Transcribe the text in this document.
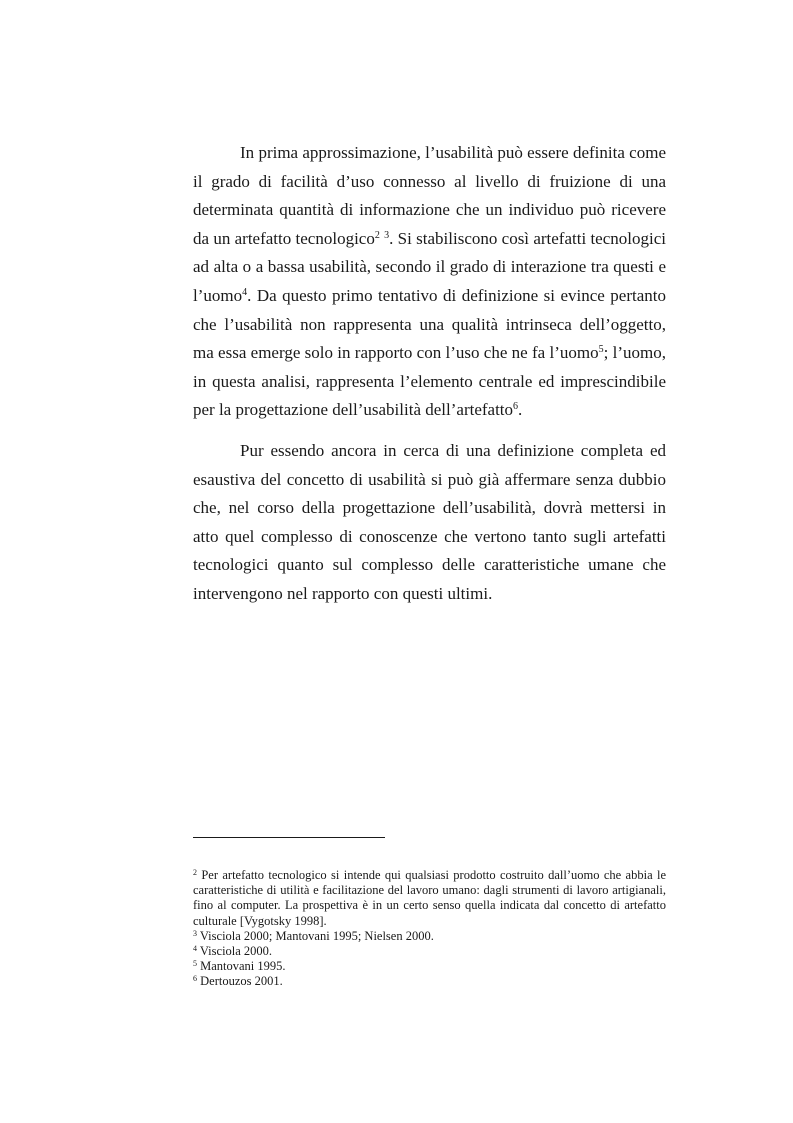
In prima approssimazione, l’usabilità può essere definita come il grado di facilità d’uso connesso al livello di fruizione di una determinata quantità di informazione che un individuo può ricevere da un artefatto tecnologico$^2$ $^3$. Si stabiliscono così artefatti tecnologici ad alta o a bassa usabilità, secondo il grado di interazione tra questi e l’uomo$^4$. Da questo primo tentativo di definizione si evince pertanto che l’usabilità non rappresenta una qualità intrinseca dell’oggetto, ma essa emerge solo in rapporto con l’uso che ne fa l’uomo$^5$; l’uomo, in questa analisi, rappresenta l’elemento centrale ed imprescindibile per la progettazione dell’usabilità dell’artefatto$^6$.

Pur essendo ancora in cerca di una definizione completa ed esaustiva del concetto di usabilità si può già affermare senza dubbio che, nel corso della progettazione dell’usabilità, dovrà mettersi in atto quel complesso di conoscenze che vertono tanto sugli artefatti tecnologici quanto sul complesso delle caratteristiche umane che intervengono nel rapporto con questi ultimi.

$^2$ Per artefatto tecnologico si intende qui qualsiasi prodotto costruito dall’uomo che abbia le caratteristiche di utilità e facilitazione del lavoro umano: dagli strumenti di lavoro artigianali, fino al computer. La prospettiva è in un certo senso quella indicata dal concetto di artefatto culturale [Vygotsky 1998].

$^3$ Visciola 2000; Mantovani 1995; Nielsen 2000.

$^4$ Visciola 2000.

$^5$ Mantovani 1995.

$^6$ Dertouzos 2001.
